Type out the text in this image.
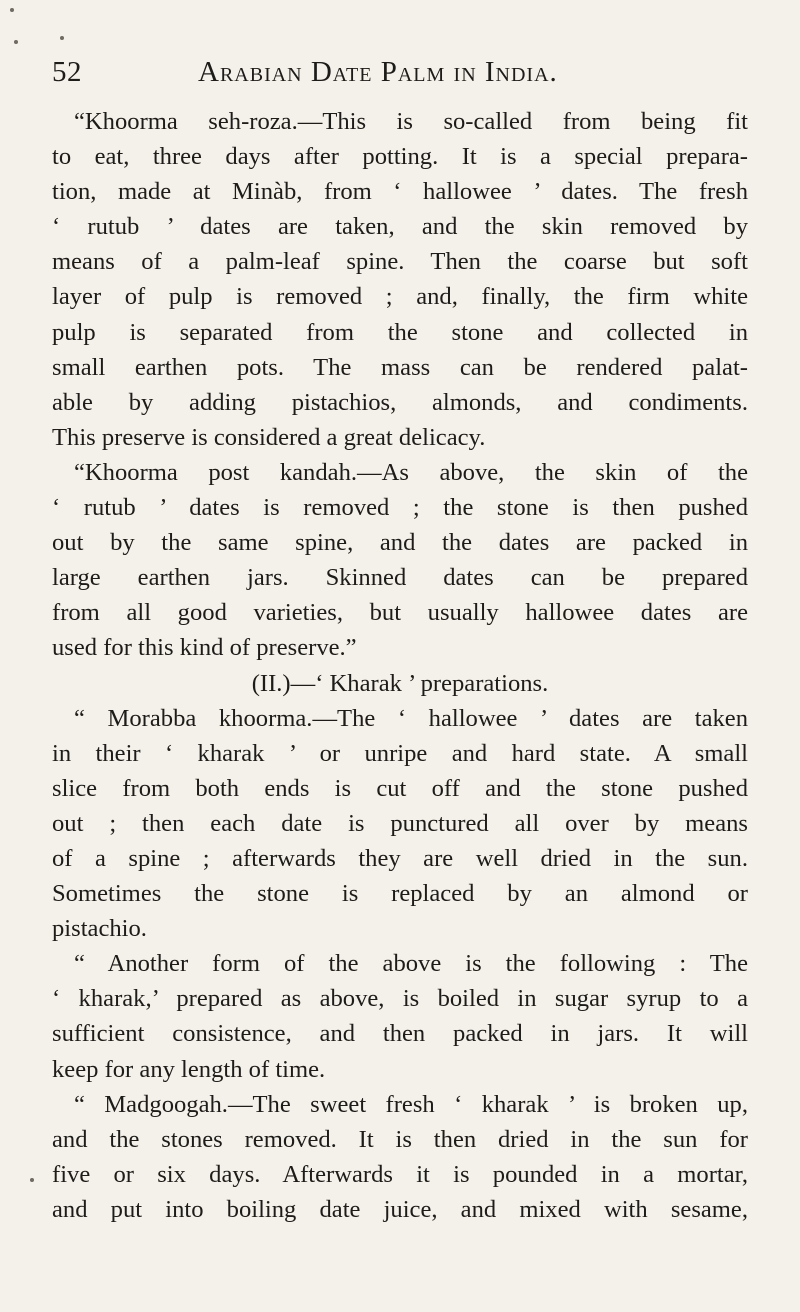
52	Arabian Date Palm in India.
“Khoorma seh-roza.—This is so-called from being fit
to eat, three days after potting. It is a special prepara-
tion, made at Minàb, from ‘ hallowee ’ dates. The fresh
‘ rutub ’ dates are taken, and the skin removed by
means of a palm-leaf spine. Then the coarse but soft
layer of pulp is removed ; and, finally, the firm white
pulp is separated from the stone and collected in
small earthen pots. The mass can be rendered palat-
able by adding pistachios, almonds, and condiments.
This preserve is considered a great delicacy.
“Khoorma post kandah.—As above, the skin of the
‘ rutub ’ dates is removed ; the stone is then pushed
out by the same spine, and the dates are packed in
large earthen jars. Skinned dates can be prepared
from all good varieties, but usually hallowee dates are
used for this kind of preserve.”
(II.)—‘ Kharak ’ preparations.
“ Morabba khoorma.—The ‘ hallowee ’ dates are taken
in their ‘ kharak ’ or unripe and hard state. A small
slice from both ends is cut off and the stone pushed
out ; then each date is punctured all over by means
of a spine ; afterwards they are well dried in the sun.
Sometimes the stone is replaced by an almond or
pistachio.
“ Another form of the above is the following : The
‘ kharak,’ prepared as above, is boiled in sugar syrup to a
sufficient consistence, and then packed in jars. It will
keep for any length of time.
“ Madgoogah.—The sweet fresh ‘ kharak ’ is broken up,
and the stones removed. It is then dried in the sun for
five or six days. Afterwards it is pounded in a mortar,
and put into boiling date juice, and mixed with sesame,
